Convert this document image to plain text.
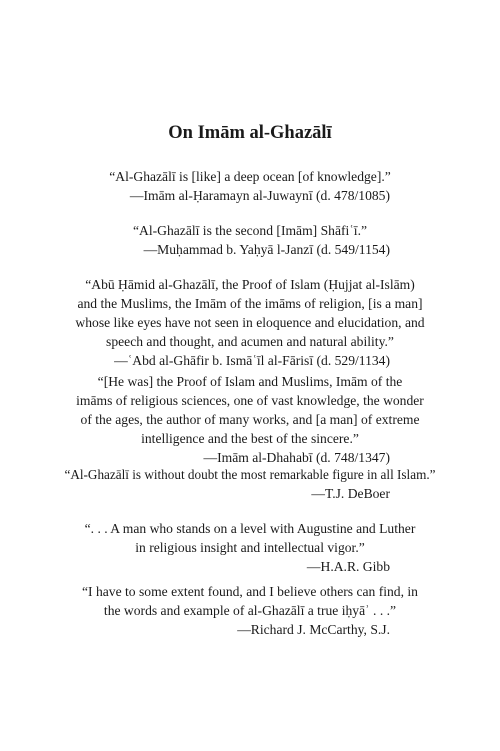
On Imām al-Ghazālī
“Al-Ghazālī is [like] a deep ocean [of knowledge].”
—Imām al-Ḥaramayn al-Juwaynī (d. 478/1085)
“Al-Ghazālī is the second [Imām] Shāfiʿī.”
—Muḥammad b. Yaḥyā l-Janzī (d. 549/1154)
“Abū Ḥāmid al-Ghazālī, the Proof of Islam (Ḥujjat al-Islām)
and the Muslims, the Imām of the imāms of religion, [is a man]
whose like eyes have not seen in eloquence and elucidation, and
speech and thought, and acumen and natural ability.”
—ʿAbd al-Ghāfir b. Ismāʿīl al-Fārisī (d. 529/1134)
“[He was] the Proof of Islam and Muslims, Imām of the
imāms of religious sciences, one of vast knowledge, the wonder
of the ages, the author of many works, and [a man] of extreme
intelligence and the best of the sincere.”
—Imām al-Dhahabī (d. 748/1347)
“Al-Ghazālī is without doubt the most remarkable figure in all Islam.”
—T.J. DeBoer
“. . . A man who stands on a level with Augustine and Luther
in religious insight and intellectual vigor.”
—H.A.R. Gibb
“I have to some extent found, and I believe others can find, in
the words and example of al-Ghazālī a true iḥyāʾ . . .”
—Richard J. McCarthy, S.J.
